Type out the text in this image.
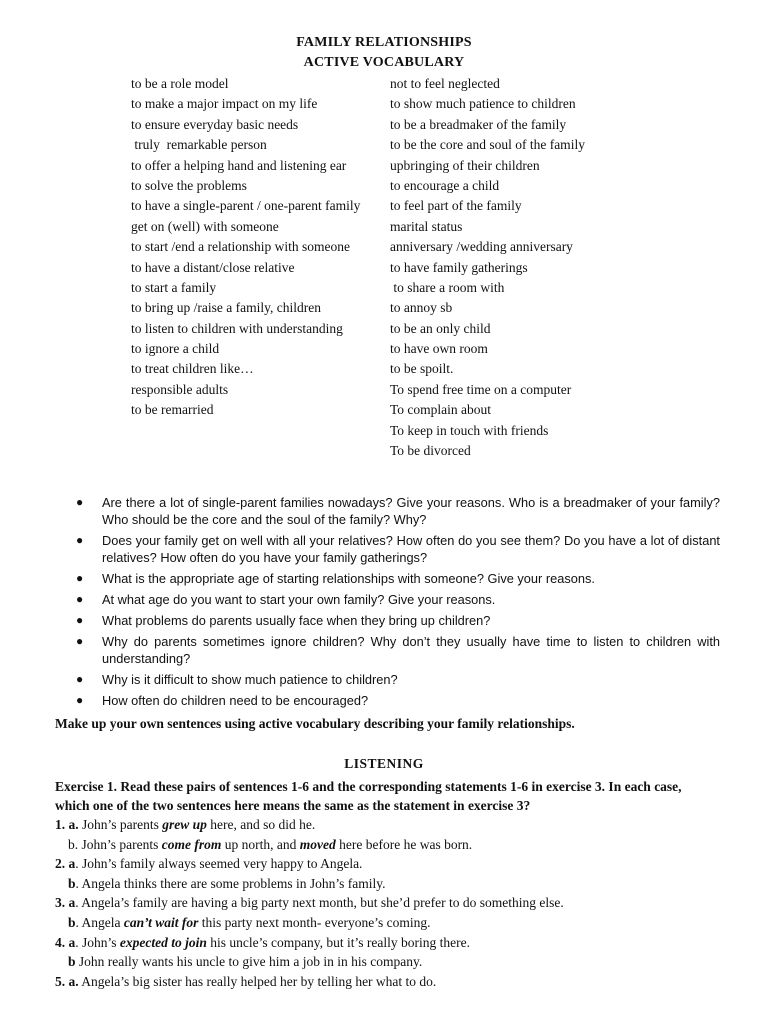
FAMILY RELATIONSHIPS
ACTIVE VOCABULARY
to be a role model
to make a major impact on my life
to ensure everyday basic needs
truly  remarkable person
to offer a helping hand and listening ear
to solve the problems
to have a single-parent / one-parent family
get on (well) with someone
to start /end a relationship with someone
to have a distant/close relative
to start a family
to bring up /raise a family, children
to listen to children with understanding
to ignore a child
to treat children like…
responsible adults
to be remarried
not to feel neglected
to show much patience to children
to be a breadmaker of the family
to be the core and soul of the family
upbringing of their children
to encourage a child
to feel part of the family
marital status
anniversary /wedding anniversary
to have family gatherings
to share a room with
to annoy sb
to be an only child
to have own room
to be spoilt.
To spend free time on a computer
To complain about
To keep in touch with friends
To be divorced
● Are there a lot of single-parent families nowadays? Give your reasons. Who is a breadmaker of your family? Who should be the core and the soul of the family? Why?
● Does your family get on well with all your relatives? How often do you see them? Do you have a lot of distant relatives? How often do you have your family gatherings?
● What is the appropriate age of starting relationships with someone? Give your reasons.
● At what age do you want to start your own family? Give your reasons.
● What problems do parents usually face when they bring up children?
● Why do parents sometimes ignore children? Why don’t they usually have time to listen to children with understanding?
● Why is it difficult to show much patience to children?
● How often do children need to be encouraged?
Make up your own sentences using active vocabulary describing your family relationships.
LISTENING
Exercise 1. Read these pairs of sentences 1-6 and the corresponding statements 1-6 in exercise 3. In each case, which one of the two sentences here means the same as the statement in exercise 3?
1. a. John’s parents grew up here, and so did he.
b. John’s parents come from up north, and moved here before he was born.
2. a. John’s family always seemed very happy to Angela.
b. Angela thinks there are some problems in John’s family.
3. a. Angela’s family are having a big party next month, but she’d prefer to do something else.
b. Angela can’t wait for this party next month- everyone’s coming.
4. a. John’s expected to join his uncle’s company, but it’s really boring there.
b John really wants his uncle to give him a job in in his company.
5. a. Angela’s big sister has really helped her by telling her what to do.
